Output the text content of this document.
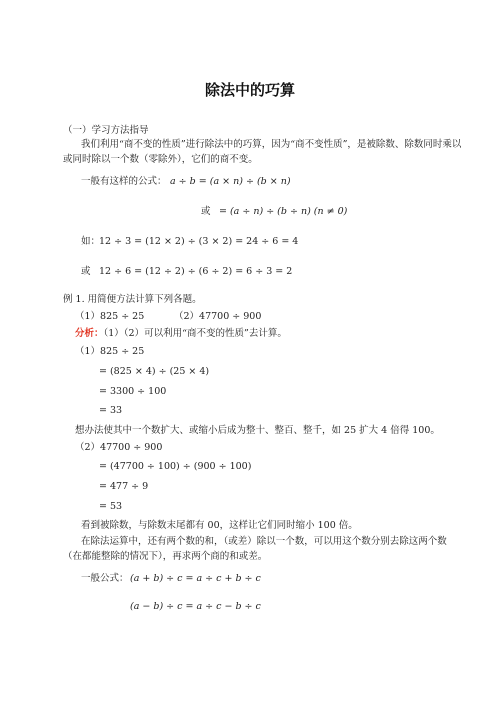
除法中的巧算
（一）学习方法指导
我们利用“商不变的性质”进行除法中的巧算，因为“商不变性质”，是被除数、除数同时乘以或同时除以一个数（零除外），它们的商不变。
一般有这样的公式： a ÷ b = (a × n) ÷ (b × n)
或 = (a ÷ n) ÷ (b ÷ n) (n ≠ 0)
如：
12 ÷ 3 = (12 × 2) ÷ (3 × 2) = 24 ÷ 6 = 4
或 12 ÷ 6 = (12 ÷ 2) ÷ (6 ÷ 2) = 6 ÷ 3 = 2
例 1. 用简便方法计算下列各题。
（1）825 ÷ 25	（2）47700 ÷ 900
分析：（1）（2）可以利用“商不变的性质”去计算。
（1）825 ÷ 25
= (825 × 4) ÷ (25 × 4)
= 3300 ÷ 100
= 33
想办法使其中一个数扩大、或缩小后成为整十、整百、整千，如 25 扩大 4 倍得 100。
（2）47700 ÷ 900
= (47700 ÷ 100) ÷ (900 ÷ 100)
= 477 ÷ 9
= 53
看到被除数，与除数末尾都有 00，这样让它们同时缩小 100 倍。
在除法运算中，还有两个数的和，（或差）除以一个数，可以用这个数分别去除这两个数（在都能整除的情况下），再求两个商的和或差。
一般公式： (a + b) ÷ c = a ÷ c + b ÷ c
(a − b) ÷ c = a ÷ c − b ÷ c
